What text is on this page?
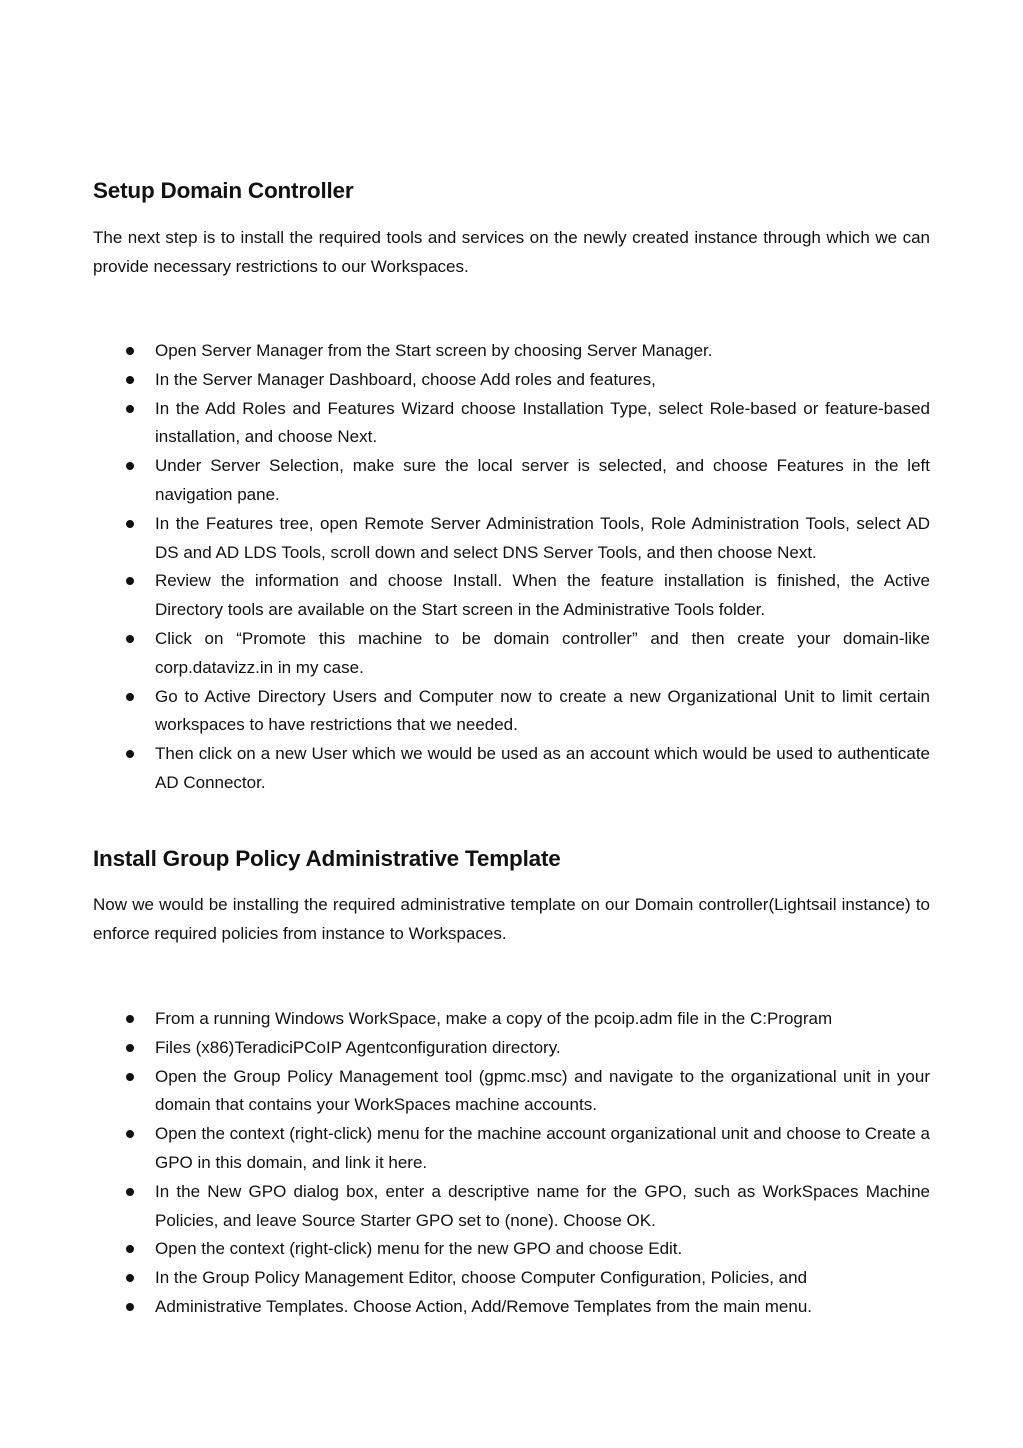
Setup Domain Controller

The next step is to install the required tools and services on the newly created instance through which we can provide necessary restrictions to our Workspaces.

Open Server Manager from the Start screen by choosing Server Manager.
In the Server Manager Dashboard, choose Add roles and features,
In the Add Roles and Features Wizard choose Installation Type, select Role-based or feature-based installation, and choose Next.
Under Server Selection, make sure the local server is selected, and choose Features in the left navigation pane.
In the Features tree, open Remote Server Administration Tools, Role Administration Tools, select AD DS and AD LDS Tools, scroll down and select DNS Server Tools, and then choose Next.
Review the information and choose Install. When the feature installation is finished, the Active Directory tools are available on the Start screen in the Administrative Tools folder.
Click on “Promote this machine to be domain controller” and then create your domain-like corp.datavizz.in in my case.
Go to Active Directory Users and Computer now to create a new Organizational Unit to limit certain workspaces to have restrictions that we needed.
Then click on a new User which we would be used as an account which would be used to authenticate AD Connector.
Install Group Policy Administrative Template

Now we would be installing the required administrative template on our Domain controller(Lightsail instance) to enforce required policies from instance to Workspaces.

From a running Windows WorkSpace, make a copy of the pcoip.adm file in the C:Program
Files (x86)TeradiciPCoIP Agentconfiguration directory.
Open the Group Policy Management tool (gpmc.msc) and navigate to the organizational unit in your domain that contains your WorkSpaces machine accounts.
Open the context (right-click) menu for the machine account organizational unit and choose to Create a GPO in this domain, and link it here.
In the New GPO dialog box, enter a descriptive name for the GPO, such as WorkSpaces Machine Policies, and leave Source Starter GPO set to (none). Choose OK.
Open the context (right-click) menu for the new GPO and choose Edit.
In the Group Policy Management Editor, choose Computer Configuration, Policies, and
Administrative Templates. Choose Action, Add/Remove Templates from the main menu.
